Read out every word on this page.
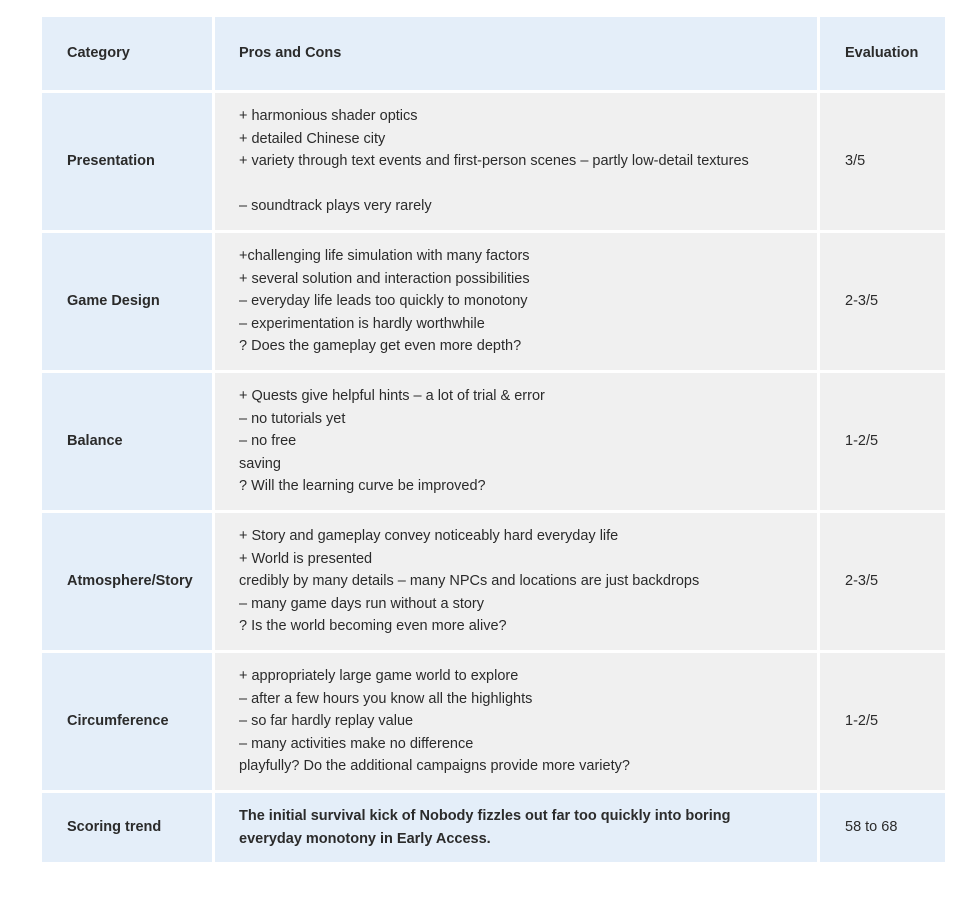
Category	Pros and Cons	Evaluation
Presentation	+ harmonious shader optics
+ detailed Chinese city
+ variety through text events and first-person scenes – partly low-detail textures
– soundtrack plays very rarely	3/5
Game Design	+challenging life simulation with many factors
+ several solution and interaction possibilities
– everyday life leads too quickly to monotony
– experimentation is hardly worthwhile
? Does the gameplay get even more depth?	2-3/5
Balance	+ Quests give helpful hints – a lot of trial & error
– no tutorials yet
– no free
saving
? Will the learning curve be improved?	1-2/5
Atmosphere/Story	+ Story and gameplay convey noticeably hard everyday life
+ World is presented
credibly by many details – many NPCs and locations are just backdrops
– many game days run without a story
? Is the world becoming even more alive?	2-3/5
Circumference	+ appropriately large game world to explore
– after a few hours you know all the highlights
– so far hardly replay value
– many activities make no difference
playfully? Do the additional campaigns provide more variety?	1-2/5
Scoring trend	The initial survival kick of Nobody fizzles out far too quickly into boring everyday monotony in Early Access.	58 to 68
